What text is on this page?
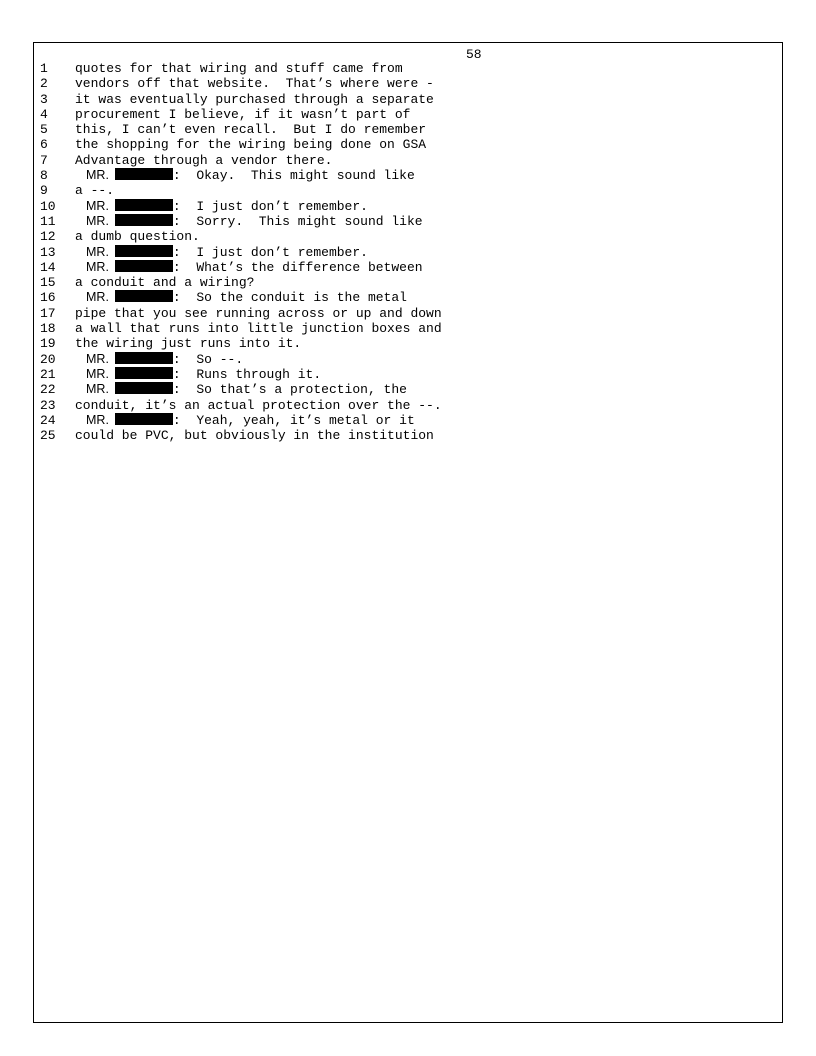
58
1 quotes for that wiring and stuff came from
2 vendors off that website.  That’s where were -
3 it was eventually purchased through a separate
4 procurement I believe, if it wasn’t part of
5 this, I can’t even recall.  But I do remember
6 the shopping for the wiring being done on GSA
7 Advantage through a vendor there.
8	MR.	:  Okay.  This might sound like
9 a --.
10 MR.	:  I just don’t remember.
11 MR.	:  Sorry.  This might sound like
12 a dumb question.
13 MR.	:  I just don’t remember.
14 MR.	:  What’s the difference between
15 a conduit and a wiring?
16 MR.	:  So the conduit is the metal
17 pipe that you see running across or up and down
18 a wall that runs into little junction boxes and
19 the wiring just runs into it.
20 MR.	:  So --.
21 MR.	:  Runs through it.
22 MR.	:  So that’s a protection, the
23 conduit, it’s an actual protection over the --.
24 MR.	:  Yeah, yeah, it’s metal or it
25 could be PVC, but obviously in the institution
